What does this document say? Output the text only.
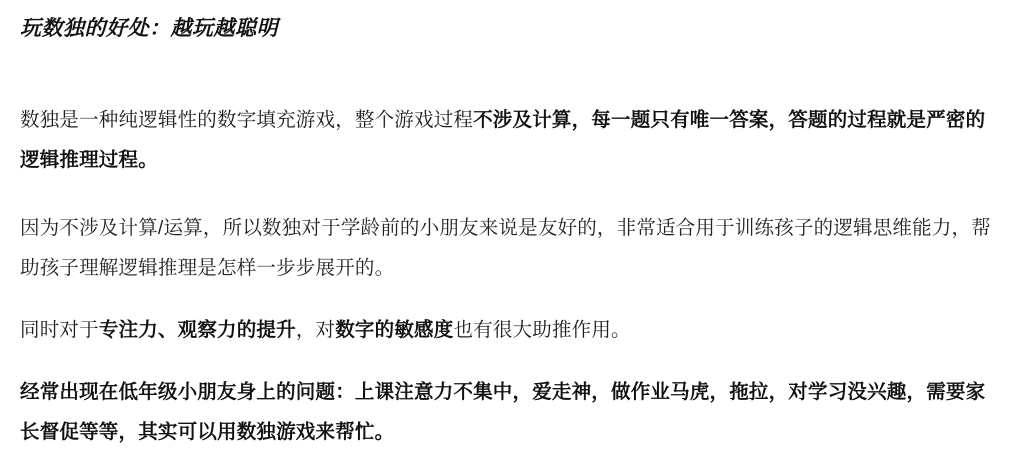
玩数独的好处：越玩越聪明
数独是一种纯逻辑性的数字填充游戏，整个游戏过程不涉及计算，每一题只有唯一答案，答题的过程就是严密的逻辑推理过程。
因为不涉及计算/运算，所以数独对于学龄前的小朋友来说是友好的，非常适合用于训练孩子的逻辑思维能力，帮助孩子理解逻辑推理是怎样一步步展开的。
同时对于专注力、观察力的提升，对数字的敏感度也有很大助推作用。
经常出现在低年级小朋友身上的问题：上课注意力不集中，爱走神，做作业马虎，拖拉，对学习没兴趣，需要家长督促等等，其实可以用数独游戏来帮忙。
